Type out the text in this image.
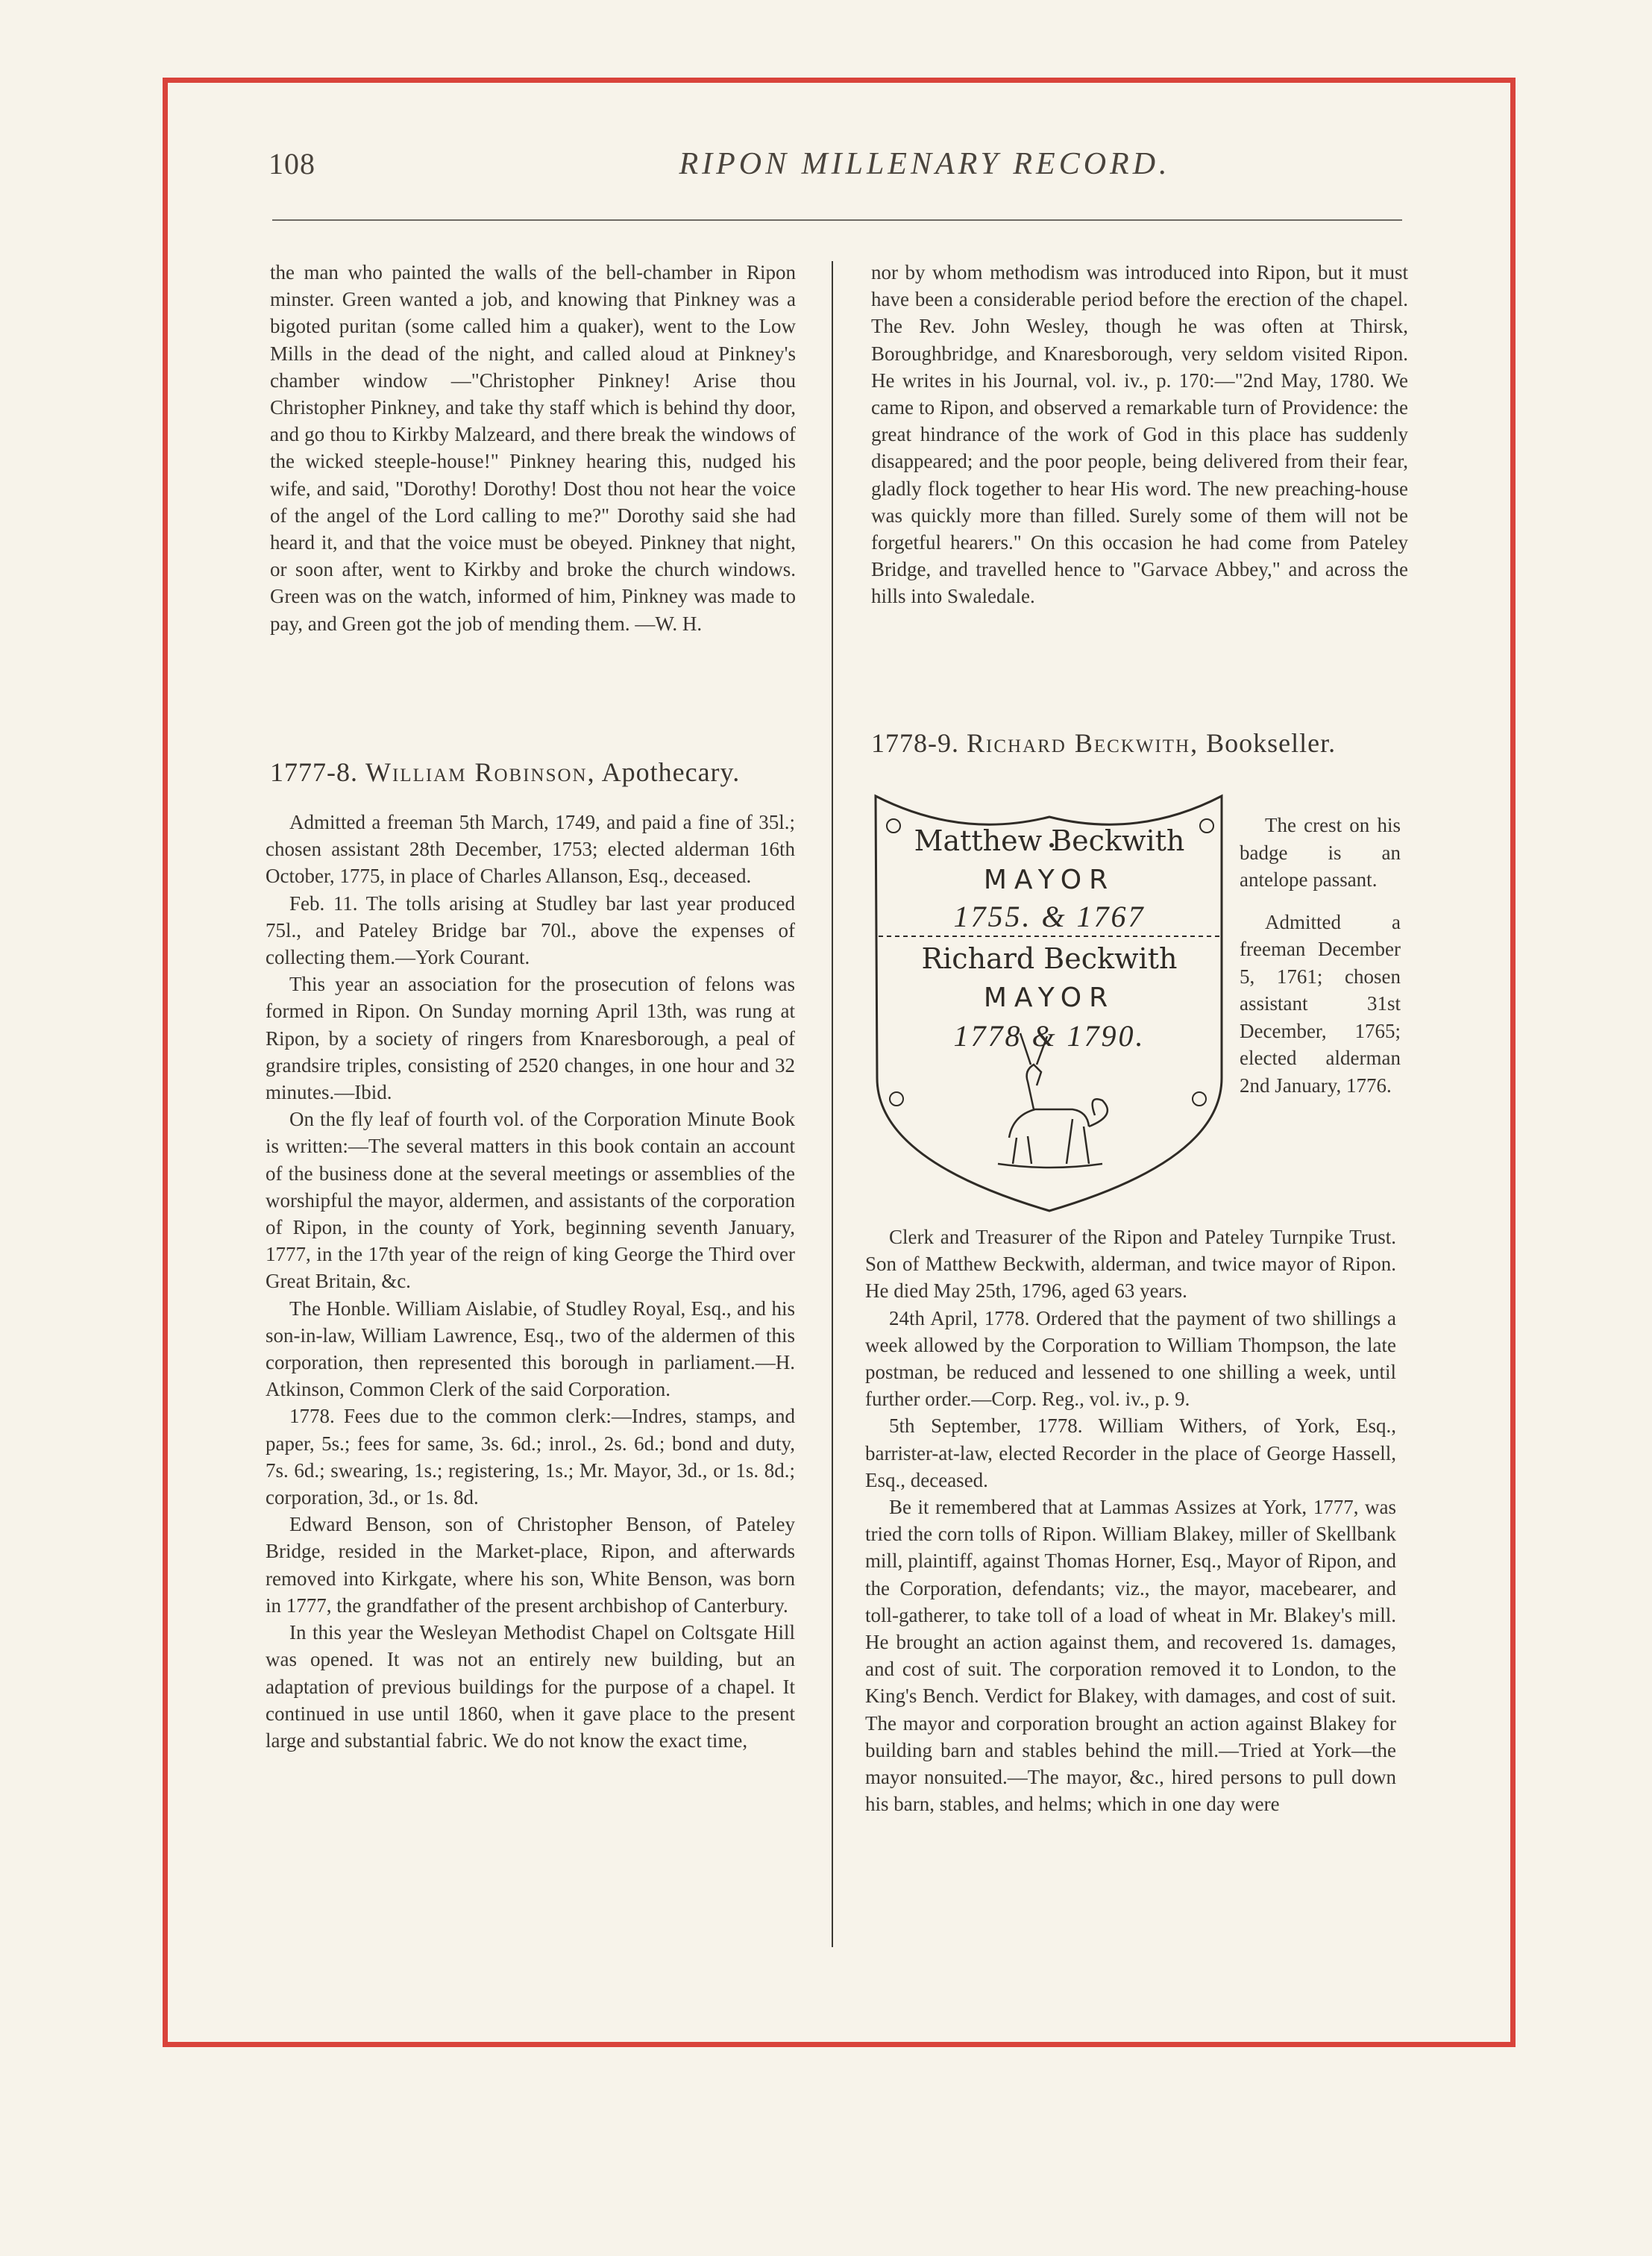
108	RIPON MILLENARY RECORD.

the man who painted the walls of the bell-chamber in Ripon minster. Green wanted a job, and knowing that Pinkney was a bigoted puritan (some called him a quaker), went to the Low Mills in the dead of the night, and called aloud at Pinkney's chamber window —"Christopher Pinkney! Arise thou Christopher Pinkney, and take thy staff which is behind thy door, and go thou to Kirkby Malzeard, and there break the windows of the wicked steeple-house!" Pinkney hearing this, nudged his wife, and said, "Dorothy! Dorothy! Dost thou not hear the voice of the angel of the Lord calling to me?" Dorothy said she had heard it, and that the voice must be obeyed. Pinkney that night, or soon after, went to Kirkby and broke the church windows. Green was on the watch, informed of him, Pinkney was made to pay, and Green got the job of mending them. —W. H.

1777-8. William Robinson, Apothecary.

Admitted a freeman 5th March, 1749, and paid a fine of 35l.; chosen assistant 28th December, 1753; elected alderman 16th October, 1775, in place of Charles Allanson, Esq., deceased.

Feb. 11. The tolls arising at Studley bar last year produced 75l., and Pateley Bridge bar 70l., above the expenses of collecting them.—York Courant.

This year an association for the prosecution of felons was formed in Ripon. On Sunday morning April 13th, was rung at Ripon, by a society of ringers from Knaresborough, a peal of grandsire triples, consisting of 2520 changes, in one hour and 32 minutes.—Ibid.

On the fly leaf of fourth vol. of the Corporation Minute Book is written:—The several matters in this book contain an account of the business done at the several meetings or assemblies of the worshipful the mayor, aldermen, and assistants of the corporation of Ripon, in the county of York, beginning seventh January, 1777, in the 17th year of the reign of king George the Third over Great Britain, &c.

The Honble. William Aislabie, of Studley Royal, Esq., and his son-in-law, William Lawrence, Esq., two of the aldermen of this corporation, then represented this borough in parliament.—H. Atkinson, Common Clerk of the said Corporation.

1778. Fees due to the common clerk:—Indres, stamps, and paper, 5s.; fees for same, 3s. 6d.; inrol., 2s. 6d.; bond and duty, 7s. 6d.; swearing, 1s.; registering, 1s.; Mr. Mayor, 3d., or 1s. 8d.; corporation, 3d., or 1s. 8d.

Edward Benson, son of Christopher Benson, of Pateley Bridge, resided in the Market-place, Ripon, and afterwards removed into Kirkgate, where his son, White Benson, was born in 1777, the grandfather of the present archbishop of Canterbury.

In this year the Wesleyan Methodist Chapel on Coltsgate Hill was opened. It was not an entirely new building, but an adaptation of previous buildings for the purpose of a chapel. It continued in use until 1860, when it gave place to the present large and substantial fabric. We do not know the exact time,

nor by whom methodism was introduced into Ripon, but it must have been a considerable period before the erection of the chapel. The Rev. John Wesley, though he was often at Thirsk, Boroughbridge, and Knaresborough, very seldom visited Ripon. He writes in his Journal, vol. iv., p. 170:—"2nd May, 1780. We came to Ripon, and observed a remarkable turn of Providence: the great hindrance of the work of God in this place has suddenly disappeared; and the poor people, being delivered from their fear, gladly flock together to hear His word. The new preaching-house was quickly more than filled. Surely some of them will not be forgetful hearers." On this occasion he had come from Pateley Bridge, and travelled hence to "Garvace Abbey," and across the hills into Swaledale.

1778-9. Richard Beckwith, Bookseller.
Matthew Beckwith
MAYOR
1755. & 1767
Richard Beckwith
MAYOR
1778 & 1790.

The crest on his badge is an antelope passant.

Admitted a freeman December 5, 1761; chosen assistant 31st December, 1765; elected alderman 2nd January, 1776.

Clerk and Treasurer of the Ripon and Pateley Turnpike Trust. Son of Matthew Beckwith, alderman, and twice mayor of Ripon. He died May 25th, 1796, aged 63 years.

24th April, 1778. Ordered that the payment of two shillings a week allowed by the Corporation to William Thompson, the late postman, be reduced and lessened to one shilling a week, until further order.—Corp. Reg., vol. iv., p. 9.

5th September, 1778. William Withers, of York, Esq., barrister-at-law, elected Recorder in the place of George Hassell, Esq., deceased.

Be it remembered that at Lammas Assizes at York, 1777, was tried the corn tolls of Ripon. William Blakey, miller of Skellbank mill, plaintiff, against Thomas Horner, Esq., Mayor of Ripon, and the Corporation, defendants; viz., the mayor, macebearer, and toll-gatherer, to take toll of a load of wheat in Mr. Blakey's mill. He brought an action against them, and recovered 1s. damages, and cost of suit. The corporation removed it to London, to the King's Bench. Verdict for Blakey, with damages, and cost of suit. The mayor and corporation brought an action against Blakey for building barn and stables behind the mill.—Tried at York—the mayor nonsuited.—The mayor, &c., hired persons to pull down his barn, stables, and helms; which in one day were
